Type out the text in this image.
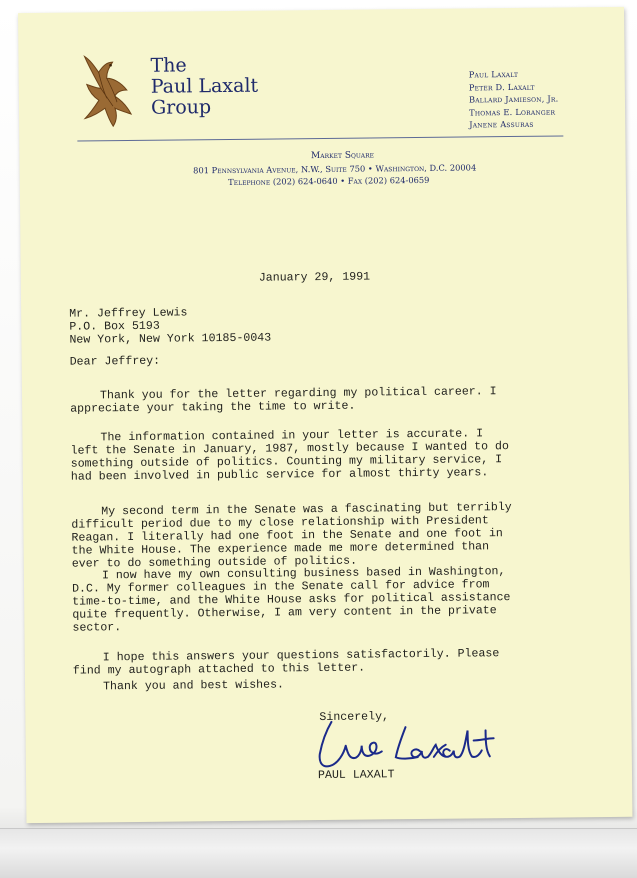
The
Paul Laxalt
Group
Paul Laxalt
Peter D. Laxalt
Ballard Jamieson, Jr.
Thomas E. Loranger
Janene Assuras
Market Square
801 Pennsylvania Avenue, N.W., Suite 750 • Washington, D.C. 20004
Telephone (202) 624-0640 • Fax (202) 624-0659
January 29, 1991
Mr. Jeffrey Lewis
P.O. Box 5193
New York, New York 10185-0043
Dear Jeffrey:
Thank you for the letter regarding my political career. I
appreciate your taking the time to write.
The information contained in your letter is accurate. I
left the Senate in January, 1987, mostly because I wanted to do
something outside of politics. Counting my military service, I
had been involved in public service for almost thirty years.
My second term in the Senate was a fascinating but terribly
difficult period due to my close relationship with President
Reagan. I literally had one foot in the Senate and one foot in
the White House. The experience made me more determined than
ever to do something outside of politics.
I now have my own consulting business based in Washington,
D.C. My former colleagues in the Senate call for advice from
time-to-time, and the White House asks for political assistance
quite frequently. Otherwise, I am very content in the private
sector.
I hope this answers your questions satisfactorily. Please
find my autograph attached to this letter.
Thank you and best wishes.
Sincerely,
PAUL LAXALT
